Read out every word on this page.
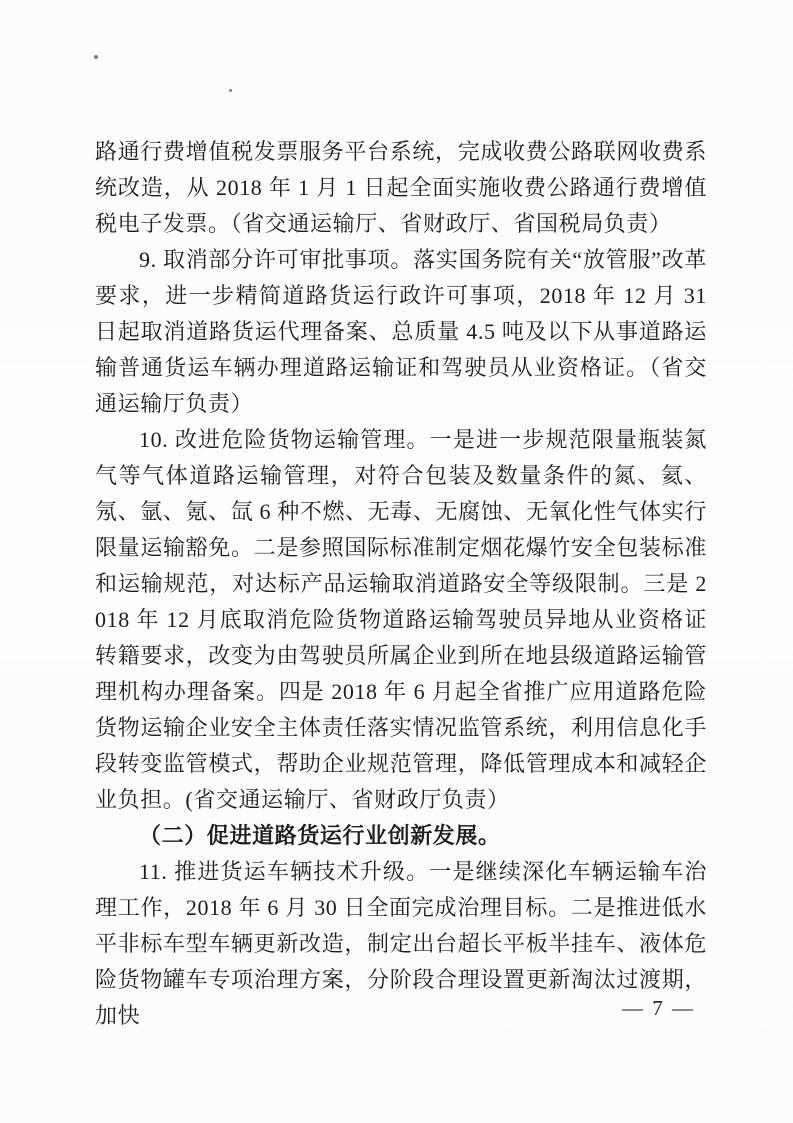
路通行费增值税发票服务平台系统，完成收费公路联网收费系统改造，从 2018 年 1 月 1 日起全面实施收费公路通行费增值税电子发票。（省交通运输厅、省财政厅、省国税局负责）

9. 取消部分许可审批事项。落实国务院有关“放管服”改革要求，进一步精简道路货运行政许可事项，2018 年 12 月 31 日起取消道路货运代理备案、总质量 4.5 吨及以下从事道路运输普通货运车辆办理道路运输证和驾驶员从业资格证。（省交通运输厅负责）

10. 改进危险货物运输管理。一是进一步规范限量瓶装氮气等气体道路运输管理，对符合包装及数量条件的氮、氦、氖、氩、氪、氙 6 种不燃、无毒、无腐蚀、无氧化性气体实行限量运输豁免。二是参照国际标准制定烟花爆竹安全包装标准和运输规范，对达标产品运输取消道路安全等级限制。三是 2018 年 12 月底取消危险货物道路运输驾驶员异地从业资格证转籍要求，改变为由驾驶员所属企业到所在地县级道路运输管理机构办理备案。四是 2018 年 6 月起全省推广应用道路危险货物运输企业安全主体责任落实情况监管系统，利用信息化手段转变监管模式，帮助企业规范管理，降低管理成本和减轻企业负担。(省交通运输厅、省财政厅负责）

（二）促进道路货运行业创新发展。

11. 推进货运车辆技术升级。一是继续深化车辆运输车治理工作，2018 年 6 月 30 日全面完成治理目标。二是推进低水平非标车型车辆更新改造，制定出台超长平板半挂车、液体危险货物罐车专项治理方案，分阶段合理设置更新淘汰过渡期，加快	— 7 —
